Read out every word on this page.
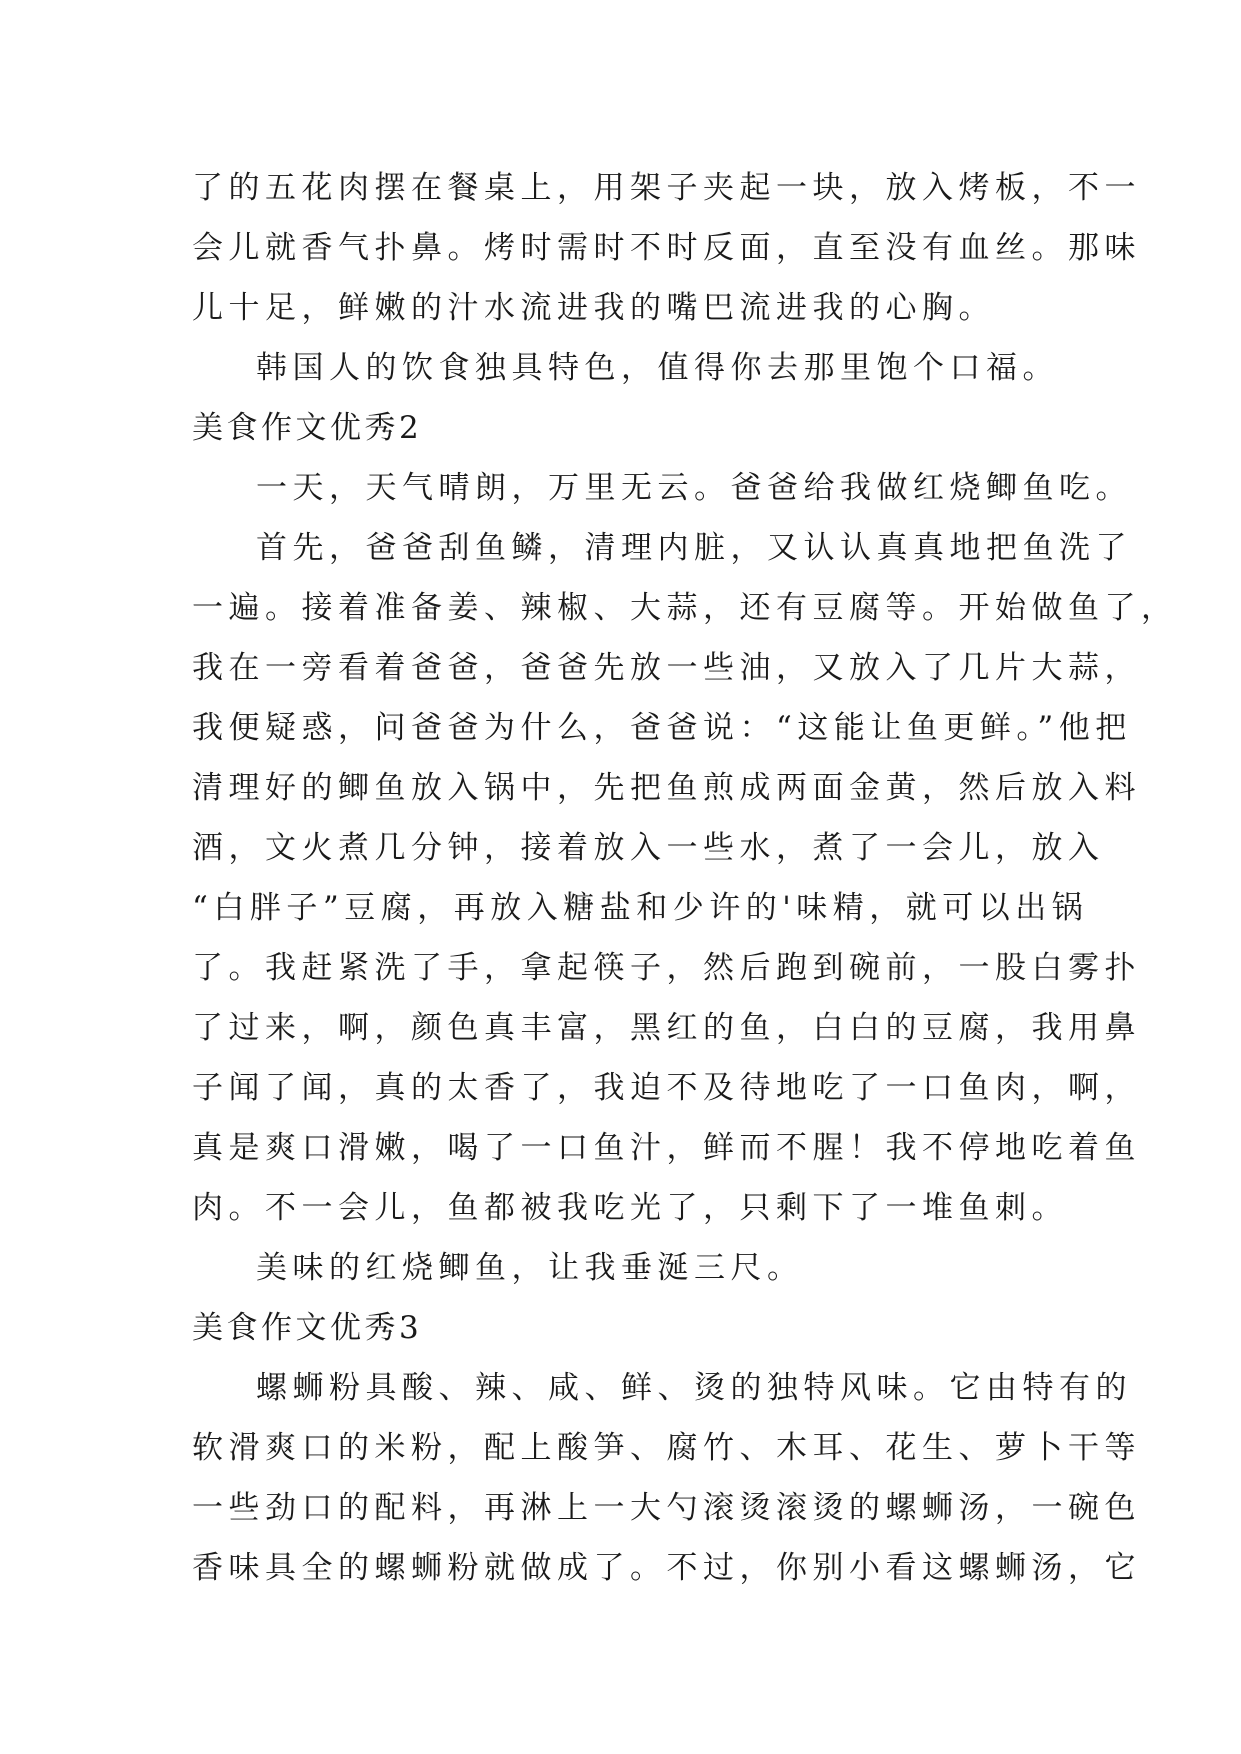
了的五花肉摆在餐桌上，用架子夹起一块，放入烤板，不一
会儿就香气扑鼻。烤时需时不时反面，直至没有血丝。那味
儿十足，鲜嫩的汁水流进我的嘴巴流进我的心胸。
韩国人的饮食独具特色，值得你去那里饱个口福。
美食作文优秀2
一天，天气晴朗，万里无云。爸爸给我做红烧鲫鱼吃。
首先，爸爸刮鱼鳞，清理内脏，又认认真真地把鱼洗了
一遍。接着准备姜、辣椒、大蒜，还有豆腐等。开始做鱼了，
我在一旁看着爸爸，爸爸先放一些油，又放入了几片大蒜，
我便疑惑，问爸爸为什么，爸爸说：“这能让鱼更鲜。”他把
清理好的鲫鱼放入锅中，先把鱼煎成两面金黄，然后放入料
酒，文火煮几分钟，接着放入一些水，煮了一会儿，放入
“白胖子”豆腐，再放入糖盐和少许的'味精，就可以出锅
了。我赶紧洗了手，拿起筷子，然后跑到碗前，一股白雾扑
了过来，啊，颜色真丰富，黑红的鱼，白白的豆腐，我用鼻
子闻了闻，真的太香了，我迫不及待地吃了一口鱼肉，啊，
真是爽口滑嫩，喝了一口鱼汁，鲜而不腥！我不停地吃着鱼
肉。不一会儿，鱼都被我吃光了，只剩下了一堆鱼刺。
美味的红烧鲫鱼，让我垂涎三尺。
美食作文优秀3
螺蛳粉具酸、辣、咸、鲜、烫的独特风味。它由特有的
软滑爽口的米粉，配上酸笋、腐竹、木耳、花生、萝卜干等
一些劲口的配料，再淋上一大勺滚烫滚烫的螺蛳汤，一碗色
香味具全的螺蛳粉就做成了。不过，你别小看这螺蛳汤，它
